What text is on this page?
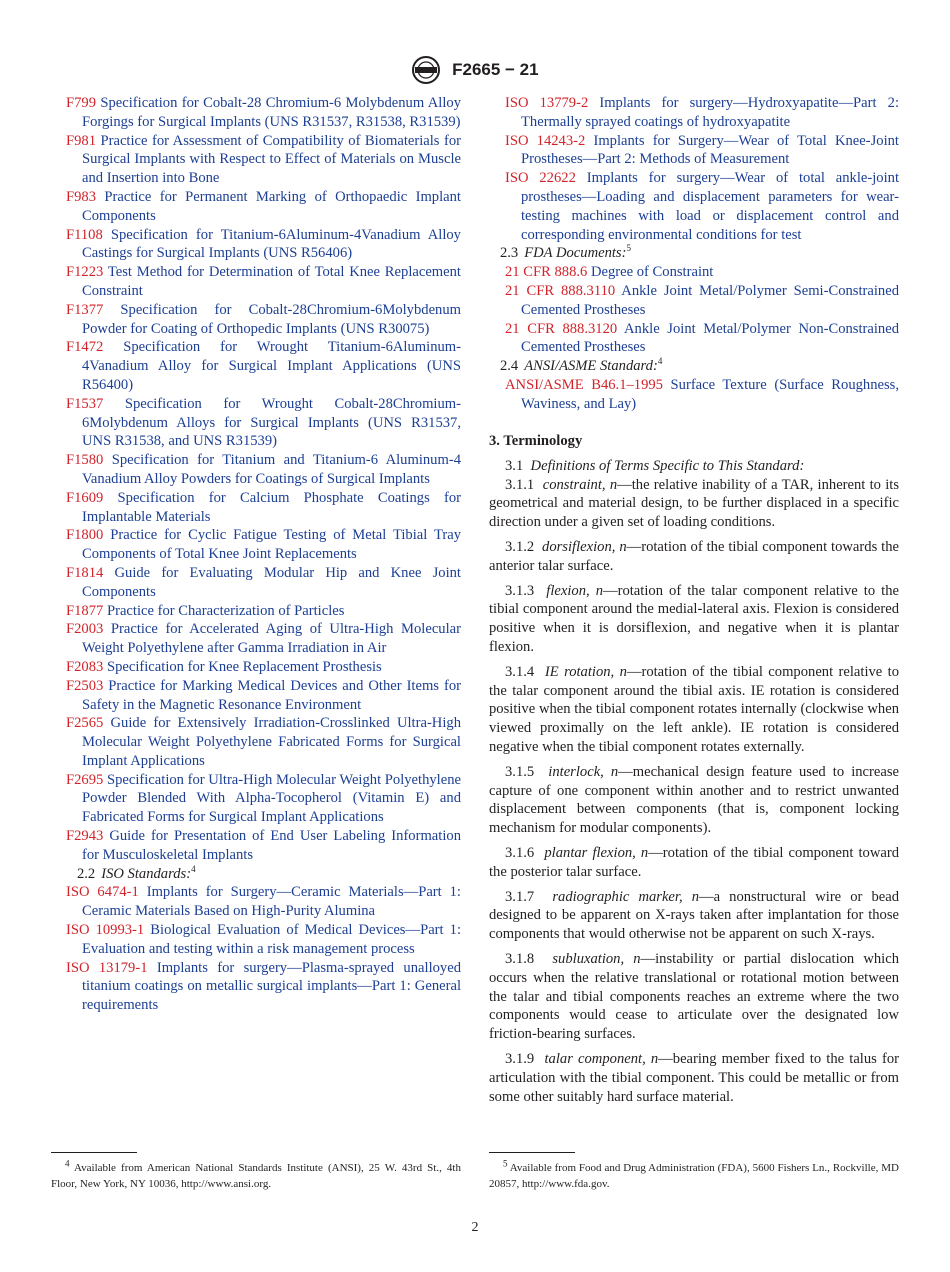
F2665 − 21

F799 Specification for Cobalt-28 Chromium-6 Molybdenum Alloy Forgings for Surgical Implants (UNS R31537, R31538, R31539)

F981 Practice for Assessment of Compatibility of Biomaterials for Surgical Implants with Respect to Effect of Materials on Muscle and Insertion into Bone

F983 Practice for Permanent Marking of Orthopaedic Implant Components

F1108 Specification for Titanium-6Aluminum-4Vanadium Alloy Castings for Surgical Implants (UNS R56406)

F1223 Test Method for Determination of Total Knee Replacement Constraint

F1377 Specification for Cobalt-28Chromium-6Molybdenum Powder for Coating of Orthopedic Implants (UNS R30075)

F1472 Specification for Wrought Titanium-6Aluminum-4Vanadium Alloy for Surgical Implant Applications (UNS R56400)

F1537 Specification for Wrought Cobalt-28Chromium-6Molybdenum Alloys for Surgical Implants (UNS R31537, UNS R31538, and UNS R31539)

F1580 Specification for Titanium and Titanium-6 Aluminum-4 Vanadium Alloy Powders for Coatings of Surgical Implants

F1609 Specification for Calcium Phosphate Coatings for Implantable Materials

F1800 Practice for Cyclic Fatigue Testing of Metal Tibial Tray Components of Total Knee Joint Replacements

F1814 Guide for Evaluating Modular Hip and Knee Joint Components

F1877 Practice for Characterization of Particles

F2003 Practice for Accelerated Aging of Ultra-High Molecular Weight Polyethylene after Gamma Irradiation in Air

F2083 Specification for Knee Replacement Prosthesis

F2503 Practice for Marking Medical Devices and Other Items for Safety in the Magnetic Resonance Environment

F2565 Guide for Extensively Irradiation-Crosslinked Ultra-High Molecular Weight Polyethylene Fabricated Forms for Surgical Implant Applications

F2695 Specification for Ultra-High Molecular Weight Polyethylene Powder Blended With Alpha-Tocopherol (Vitamin E) and Fabricated Forms for Surgical Implant Applications

F2943 Guide for Presentation of End User Labeling Information for Musculoskeletal Implants

2.2 ISO Standards:$^4$

ISO 6474-1 Implants for Surgery—Ceramic Materials—Part 1: Ceramic Materials Based on High-Purity Alumina

ISO 10993-1 Biological Evaluation of Medical Devices—Part 1: Evaluation and testing within a risk management process

ISO 13179-1 Implants for surgery—Plasma-sprayed unalloyed titanium coatings on metallic surgical implants—Part 1: General requirements

ISO 13779-2 Implants for surgery—Hydroxyapatite—Part 2: Thermally sprayed coatings of hydroxyapatite

ISO 14243-2 Implants for Surgery—Wear of Total Knee-Joint Prostheses—Part 2: Methods of Measurement

ISO 22622 Implants for surgery—Wear of total ankle-joint prostheses—Loading and displacement parameters for wear-testing machines with load or displacement control and corresponding environmental conditions for test

2.3 FDA Documents:$^5$

21 CFR 888.6 Degree of Constraint

21 CFR 888.3110 Ankle Joint Metal/Polymer Semi-Constrained Cemented Prostheses

21 CFR 888.3120 Ankle Joint Metal/Polymer Non-Constrained Cemented Prostheses

2.4 ANSI/ASME Standard:$^4$

ANSI/ASME B46.1–1995 Surface Texture (Surface Roughness, Waviness, and Lay)

3. Terminology

3.1 Definitions of Terms Specific to This Standard:

3.1.1 constraint, n—the relative inability of a TAR, inherent to its geometrical and material design, to be further displaced in a specific direction under a given set of loading conditions.

3.1.2 dorsiflexion, n—rotation of the tibial component towards the anterior talar surface.

3.1.3 flexion, n—rotation of the talar component relative to the tibial component around the medial-lateral axis. Flexion is considered positive when it is dorsiflexion, and negative when it is plantar flexion.

3.1.4 IE rotation, n—rotation of the tibial component relative to the talar component around the tibial axis. IE rotation is considered positive when the tibial component rotates internally (clockwise when viewed proximally on the left ankle). IE rotation is considered negative when the tibial component rotates externally.

3.1.5 interlock, n—mechanical design feature used to increase capture of one component within another and to restrict unwanted displacement between components (that is, component locking mechanism for modular components).

3.1.6 plantar flexion, n—rotation of the tibial component toward the posterior talar surface.

3.1.7 radiographic marker, n—a nonstructural wire or bead designed to be apparent on X-rays taken after implantation for those components that would otherwise not be apparent on such X-rays.

3.1.8 subluxation, n—instability or partial dislocation which occurs when the relative translational or rotational motion between the talar and tibial components reaches an extreme where the two components would cease to articulate over the designated low friction-bearing surfaces.

3.1.9 talar component, n—bearing member fixed to the talus for articulation with the tibial component. This could be metallic or from some other suitably hard surface material.

$^4$ Available from American National Standards Institute (ANSI), 25 W. 43rd St., 4th Floor, New York, NY 10036, http://www.ansi.org.
$^5$ Available from Food and Drug Administration (FDA), 5600 Fishers Ln., Rockville, MD 20857, http://www.fda.gov.
2
